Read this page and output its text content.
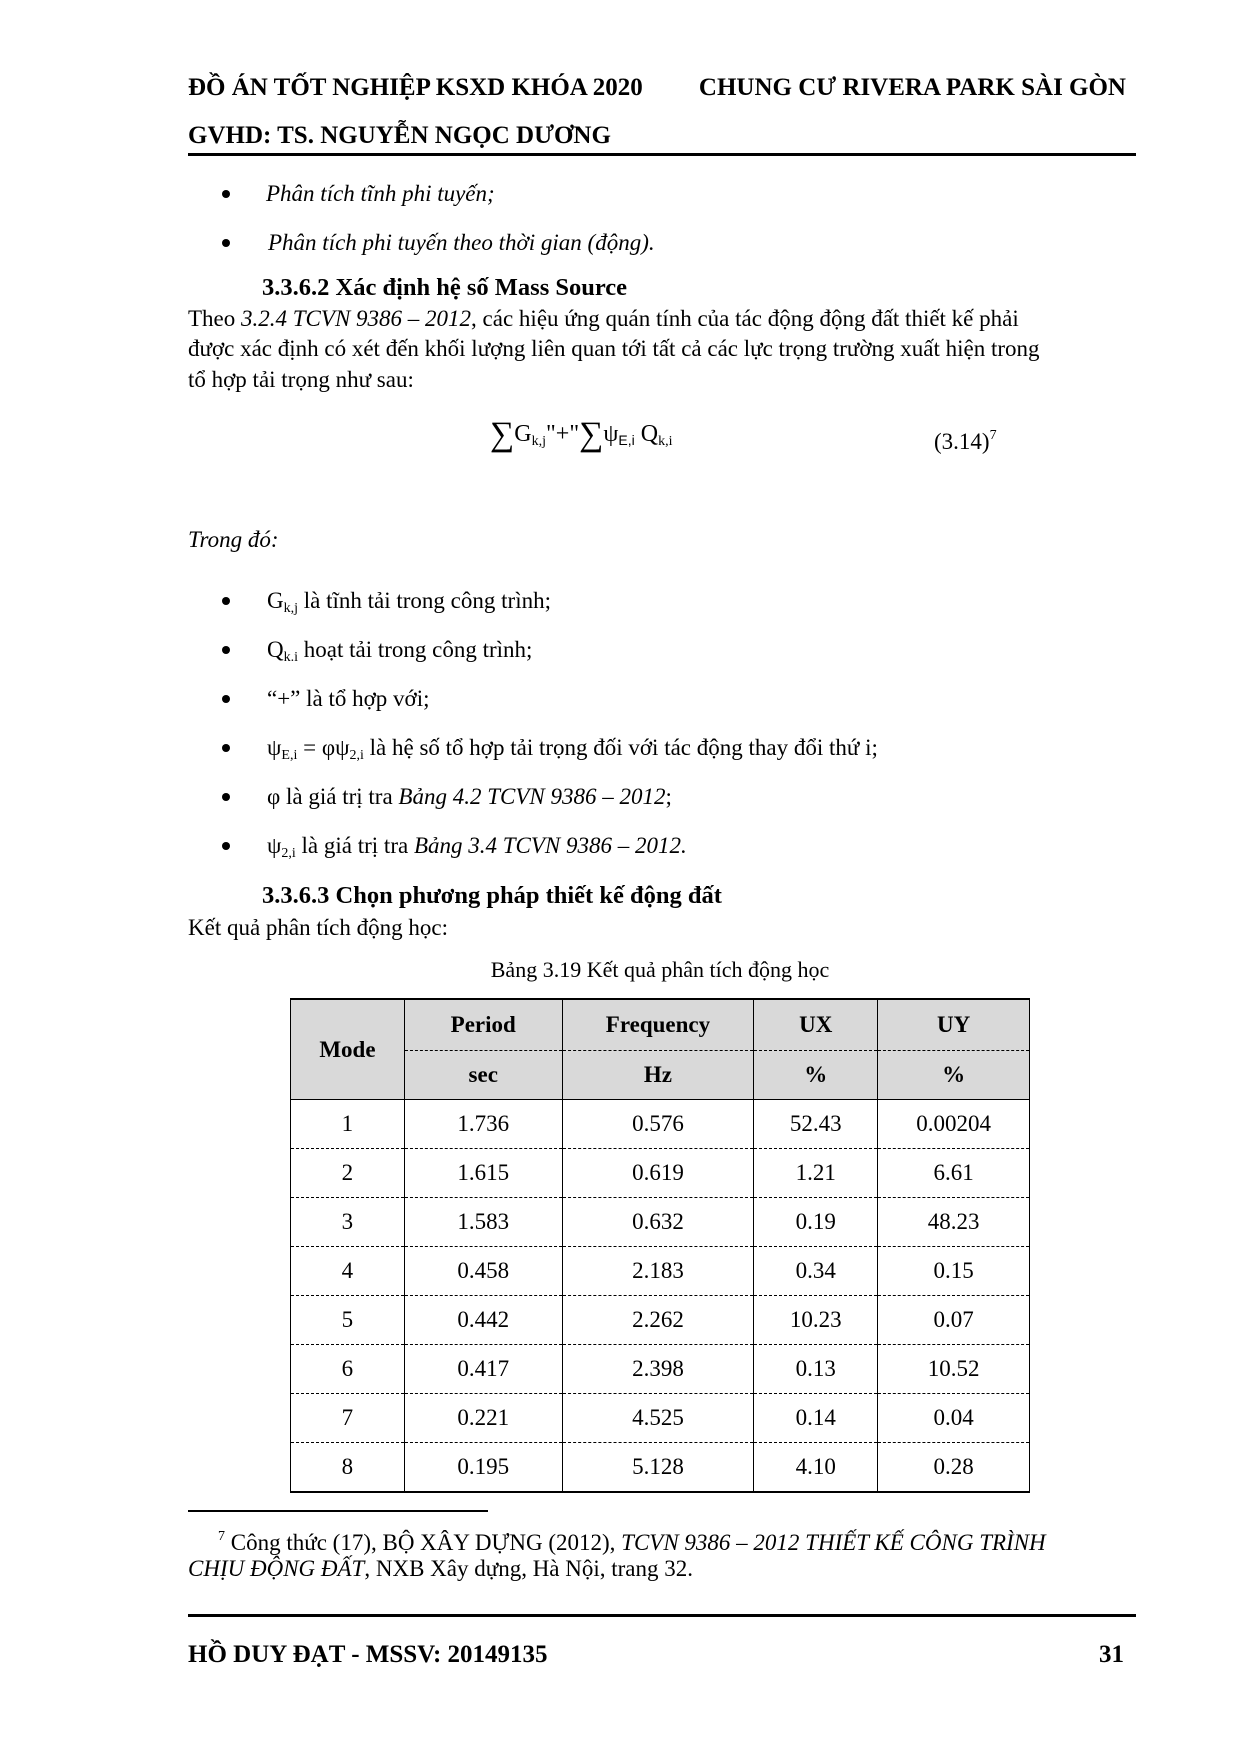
ĐỒ ÁN TỐT NGHIỆP KSXD KHÓA 2020 CHUNG CƯ RIVERA PARK SÀI GÒN
GVHD: TS. NGUYỄN NGỌC DƯƠNG
Phân tích tĩnh phi tuyến;
Phân tích phi tuyến theo thời gian (động).
3.3.6.2 Xác định hệ số Mass Source
Theo 3.2.4 TCVN 9386 – 2012, các hiệu ứng quán tính của tác động động đất thiết kế phải
được xác định có xét đến khối lượng liên quan tới tất cả các lực trọng trường xuất hiện trong
tổ hợp tải trọng như sau:
$\sum G_{k,j}"+"\sum\psi_{E,i}$ $Q_{k,i}$	$(3.14)^7$
Trong đó:
$G_{k,j}$ là tĩnh tải trong công trình;
$Q_{k.i}$ hoạt tải trong công trình;
“+” là tổ hợp với;
$\psi_{E,i} = \varphi\psi_{2,i}$ là hệ số tổ hợp tải trọng đối với tác động thay đổi thứ i;
φ là giá trị tra Bảng 4.2 TCVN 9386 – 2012;
$\psi_{2,i}$ là giá trị tra Bảng 3.4 TCVN 9386 – 2012.
3.3.6.3 Chọn phương pháp thiết kế động đất
Kết quả phân tích động học:
Bảng 3.19 Kết quả phân tích động học
Mode	Period	Frequency	UX	UY
	sec	Hz	%	%
1	1.736	0.576	52.43	0.00204
2	1.615	0.619	1.21	6.61
3	1.583	0.632	0.19	48.23
4	0.458	2.183	0.34	0.15
5	0.442	2.262	10.23	0.07
6	0.417	2.398	0.13	10.52
7	0.221	4.525	0.14	0.04
8	0.195	5.128	4.10	0.28
$^7$ Công thức (17), BỘ XÂY DỰNG (2012), TCVN 9386 – 2012 THIẾT KẾ CÔNG TRÌNH
CHỊU ĐỘNG ĐẤT, NXB Xây dựng, Hà Nội, trang 32.
HỒ DUY ĐẠT - MSSV: 20149135	31
